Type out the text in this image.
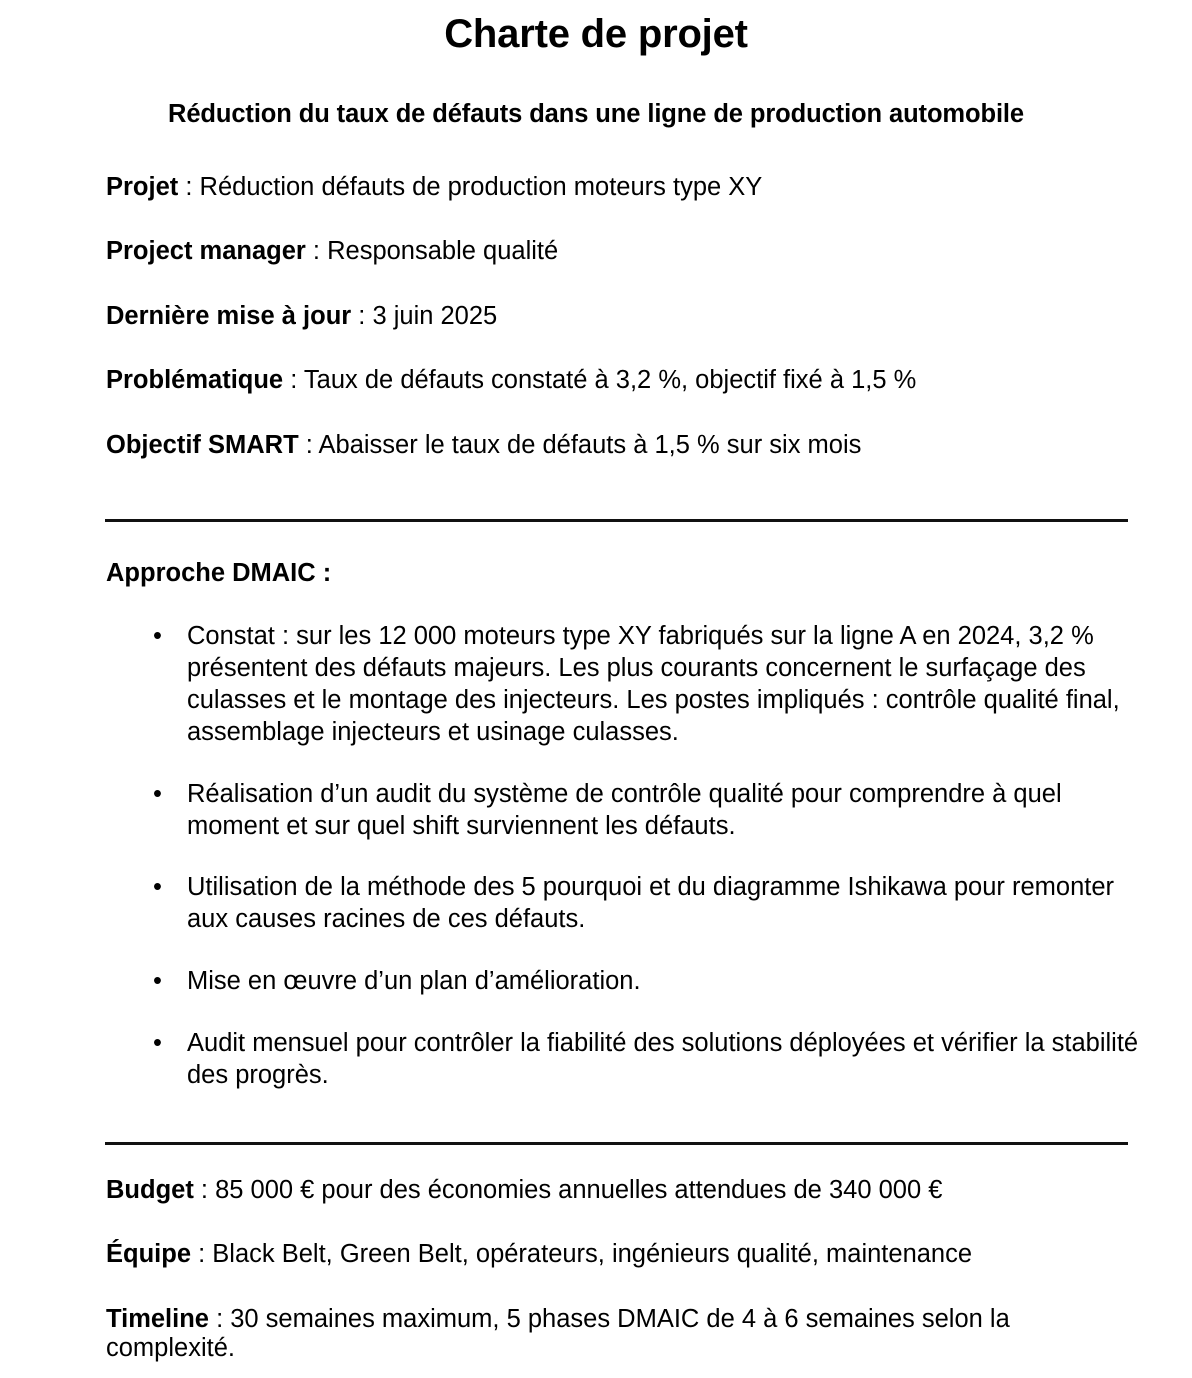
Charte de projet
Réduction du taux de défauts dans une ligne de production automobile

Projet : Réduction défauts de production moteurs type XY

Project manager : Responsable qualité

Dernière mise à jour : 3 juin 2025

Problématique : Taux de défauts constaté à 3,2 %, objectif fixé à 1,5 %

Objectif SMART : Abaisser le taux de défauts à 1,5 % sur six mois

Approche DMAIC :

• Constat : sur les 12 000 moteurs type XY fabriqués sur la ligne A en 2024, 3,2 % présentent des défauts majeurs. Les plus courants concernent le surfaçage des culasses et le montage des injecteurs. Les postes impliqués : contrôle qualité final, assemblage injecteurs et usinage culasses.
• Réalisation d’un audit du système de contrôle qualité pour comprendre à quel moment et sur quel shift surviennent les défauts.
• Utilisation de la méthode des 5 pourquoi et du diagramme Ishikawa pour remonter aux causes racines de ces défauts.
• Mise en œuvre d’un plan d’amélioration.
• Audit mensuel pour contrôler la fiabilité des solutions déployées et vérifier la stabilité des progrès.

Budget : 85 000 € pour des économies annuelles attendues de 340 000 €

Équipe : Black Belt, Green Belt, opérateurs, ingénieurs qualité, maintenance

Timeline : 30 semaines maximum, 5 phases DMAIC de 4 à 6 semaines selon la complexité.
